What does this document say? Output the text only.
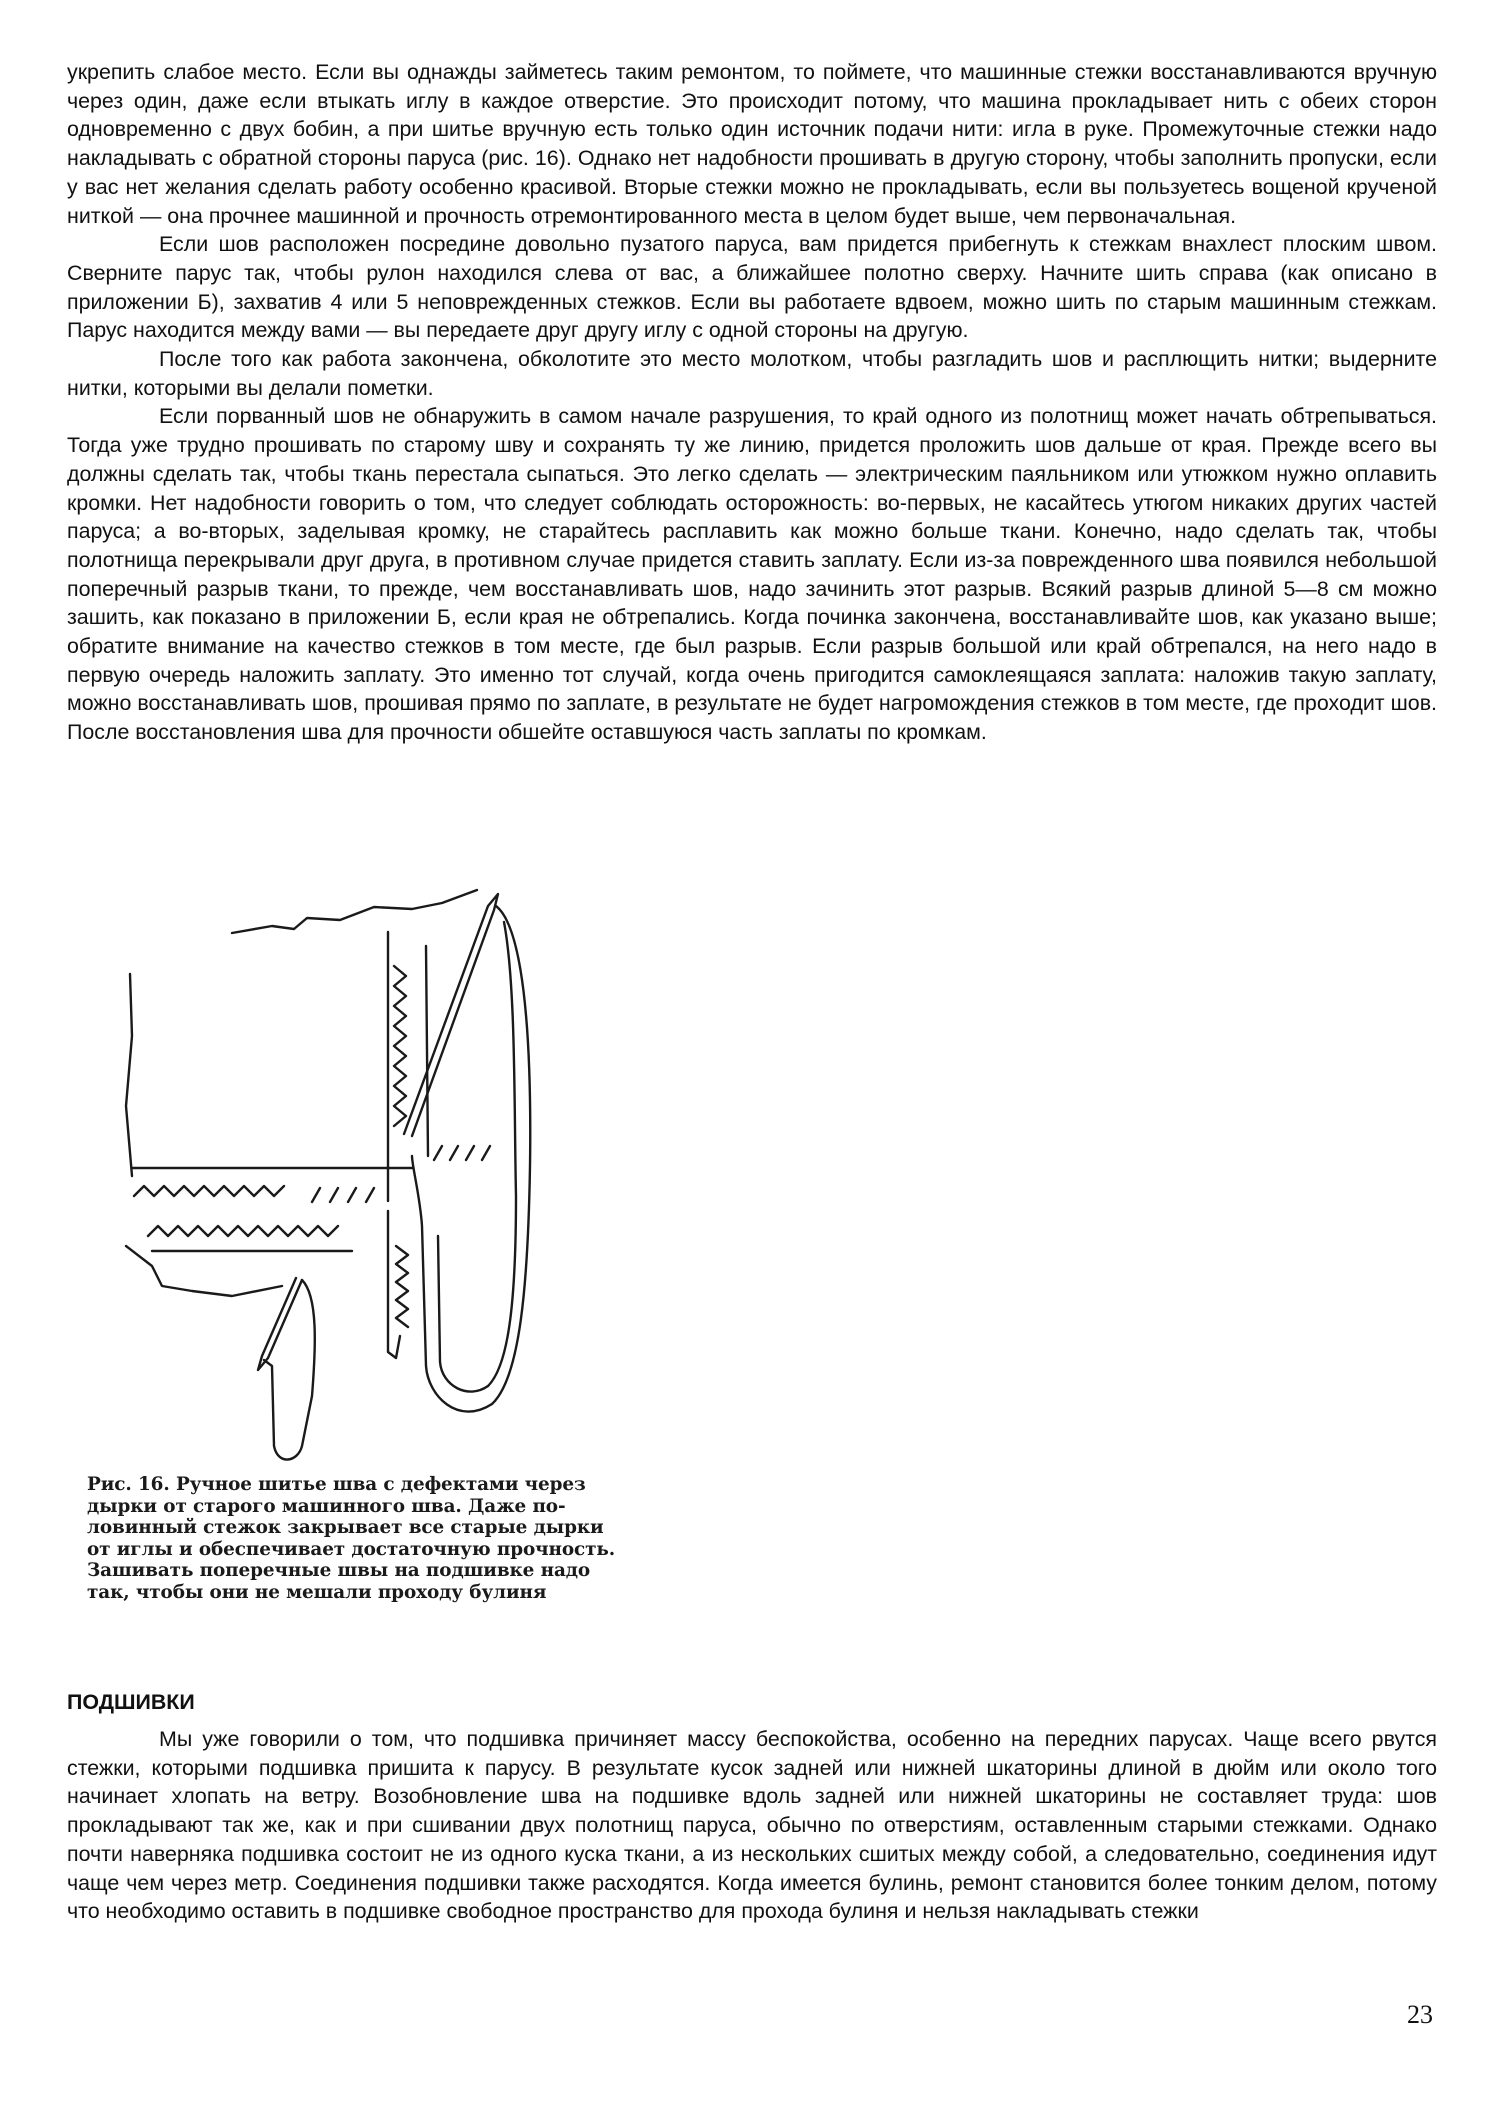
укрепить слабое место. Если вы однажды займетесь таким ремонтом, то поймете, что машинные стежки восстанавливаются вручную через один, даже если втыкать иглу в каждое отверстие. Это происходит потому, что машина прокладывает нить с обеих сторон одновременно с двух бобин, а при шитье вручную есть только один источник подачи нити: игла в руке. Промежуточные стежки надо накладывать с обратной стороны паруса (рис. 16). Однако нет надобности прошивать в другую сторону, чтобы заполнить пропуски, если у вас нет желания сделать работу особенно красивой. Вторые стежки можно не прокладывать, если вы пользуетесь вощеной крученой ниткой — она прочнее машинной и прочность отремонтированного места в целом будет выше, чем первоначальная.

Если шов расположен посредине довольно пузатого паруса, вам придется прибегнуть к стежкам внахлест плоским швом. Сверните парус так, чтобы рулон находился слева от вас, а ближайшее полотно сверху. Начните шить справа (как описано в приложении Б), захватив 4 или 5 неповрежденных стежков. Если вы работаете вдвоем, можно шить по старым машинным стежкам. Парус находится между вами — вы передаете друг другу иглу с одной стороны на другую.

После того как работа закончена, обколотите это место молотком, чтобы разгладить шов и расплющить нитки; выдерните нитки, которыми вы делали пометки.

Если порванный шов не обнаружить в самом начале разрушения, то край одного из полотнищ может начать обтрепываться. Тогда уже трудно прошивать по старому шву и сохранять ту же линию, придется проложить шов дальше от края. Прежде всего вы должны сделать так, чтобы ткань перестала сыпаться. Это легко сделать — электрическим паяльником или утюжком нужно оплавить кромки. Нет надобности говорить о том, что следует соблюдать осторожность: во-первых, не касайтесь утюгом никаких других частей паруса; а во-вторых, заделывая кромку, не старайтесь расплавить как можно больше ткани. Конечно, надо сделать так, чтобы полотнища перекрывали друг друга, в противном случае придется ставить заплату. Если из-за поврежденного шва появился небольшой поперечный разрыв ткани, то прежде, чем восстанавливать шов, надо зачинить этот разрыв. Всякий разрыв длиной 5—8 см можно зашить, как показано в приложении Б, если края не обтрепались. Когда починка закончена, восстанавливайте шов, как указано выше; обратите внимание на качество стежков в том месте, где был разрыв. Если разрыв большой или край обтрепался, на него надо в первую очередь наложить заплату. Это именно тот случай, когда очень пригодится самоклеящаяся заплата: наложив такую заплату, можно восстанавливать шов, прошивая прямо по заплате, в результате не будет нагромождения стежков в том месте, где проходит шов. После восстановления шва для прочности обшейте оставшуюся часть заплаты по кромкам.

Рис. 16. Ручное шитье шва с дефектами через
дырки от старого машинного шва. Даже по-
ловинный стежок закрывает все старые дырки
от иглы и обеспечивает достаточную прочность.
Зашивать поперечные швы на подшивке надо
так, чтобы они не мешали проходу булиня
ПОДШИВКИ

Мы уже говорили о том, что подшивка причиняет массу беспокойства, особенно на передних парусах. Чаще всего рвутся стежки, которыми подшивка пришита к парусу. В результате кусок задней или нижней шкаторины длиной в дюйм или около того начинает хлопать на ветру. Возобновление шва на подшивке вдоль задней или нижней шкаторины не составляет труда: шов прокладывают так же, как и при сшивании двух полотнищ паруса, обычно по отверстиям, оставленным старыми стежками. Однако почти наверняка подшивка состоит не из одного куска ткани, а из нескольких сшитых между собой, а следовательно, соединения идут чаще чем через метр. Соединения подшивки также расходятся. Когда имеется булинь, ремонт становится более тонким делом, потому что необходимо оставить в подшивке свободное пространство для прохода булиня и нельзя накладывать стежки

23
